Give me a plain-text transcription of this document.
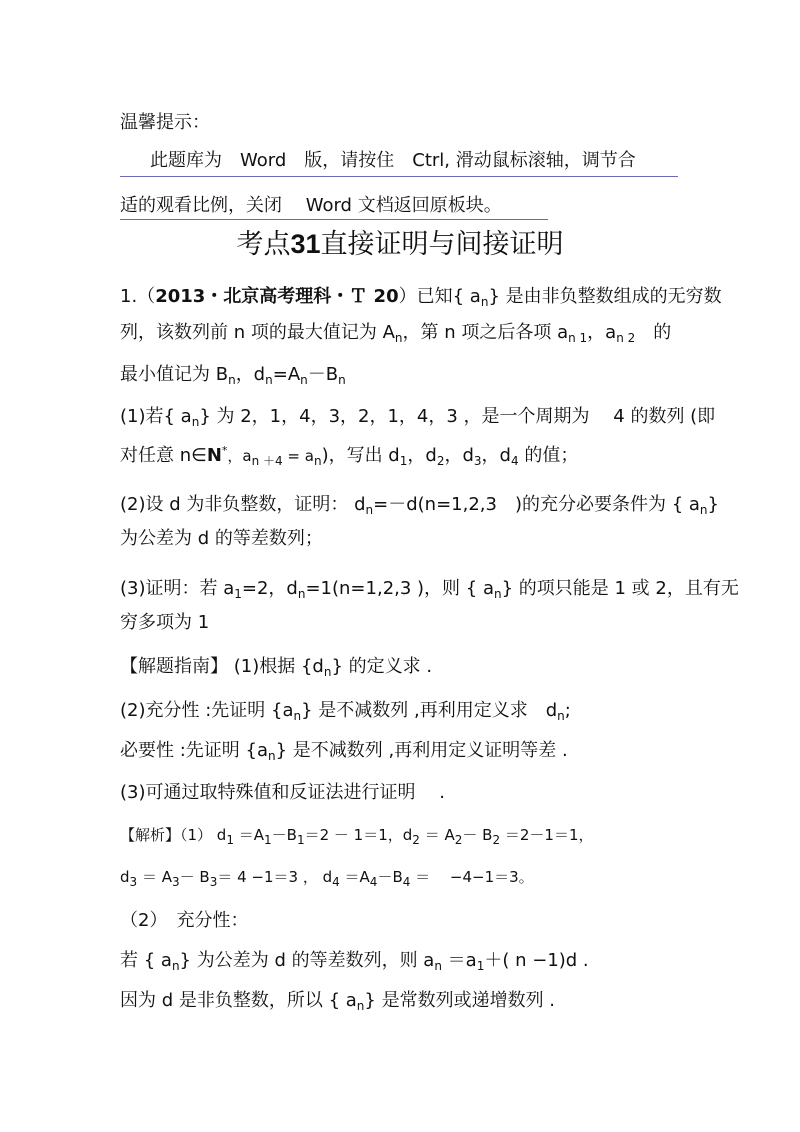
温馨提示：
此题库为　Word　版，请按住　Ctrl, 滑动鼠标滚轴，调节合
适的观看比例，关闭　 Word 文档返回原板块。
考点31直接证明与间接证明
1.（2013・北京高考理科・Ｔ 20）已知{ $a_n$} 是由非负整数组成的无穷数
列，该数列前 n 项的最大值记为 $A_n$，第 n 项之后各项 $a_{n 1}$，$a_{n 2}$　的
最小值记为 $B_n$，$d_n=A_n-B_n$
(1)若{ $a_n$} 为 2，1，4，3，2，1，4，3 ，是一个周期为　 4 的数列 (即
对任意 n∈N*，$a_{n +4} = a_n$)，写出 $d_1$，$d_2$，$d_3$，$d_4$ 的值；
(2)设 d 为非负整数，证明： $d_n=-d(n=1,2,3$　)的充分必要条件为 { $a_n$}
为公差为 d 的等差数列；
(3)证明：若 $a_1=2$，$d_n=1(n=1,2,3$ )，则 { $a_n$} 的项只能是 1 或 2，且有无
穷多项为 1
【解题指南】 (1)根据 $\{d_n\}$ 的定义求 .
(2)充分性 :先证明 $\{a_n\}$ 是不减数列 ,再利用定义求　$d_n$;
必要性 :先证明 $\{a_n\}$ 是不减数列 ,再利用定义证明等差 .
(3)可通过取特殊值和反证法进行证明　 .
【解析】（1） $d_1 =A_1-B_1=2 - 1=1$，$d_2 = A_2- B_2 =2-1=1$，
$d_3 = A_3- B_3= 4 -1=3$ ， $d_4 =A_4-B_4$ ＝　 −4−1＝3。
（2）　充分性：
若 { $a_n$} 为公差为 d 的等差数列，则 $a_n =a_1+$( n −1)d .
因为 d 是非负整数，所以 { $a_n$} 是常数列或递增数列 .
